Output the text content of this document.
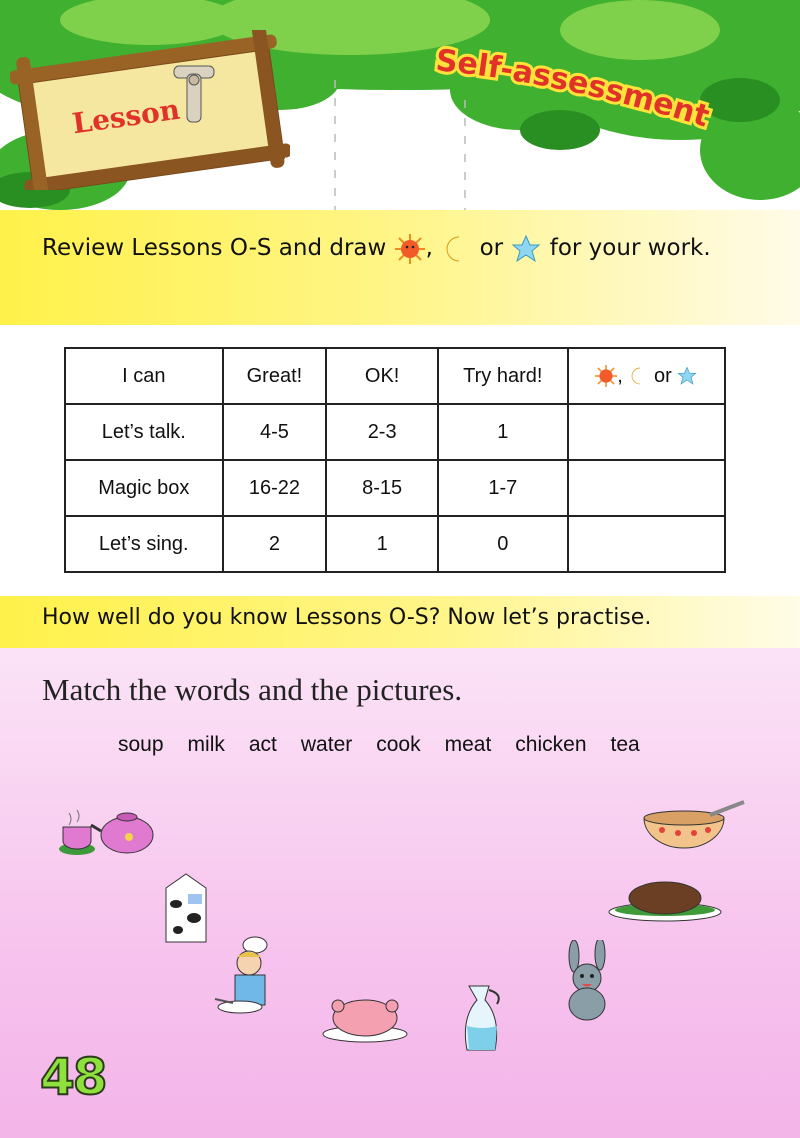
Lesson
Self-assessment
Review Lessons O-S and draw , or for your work.
I can	Great!	OK!	Try hard!	,  or
Let’s talk.	4-5	2-3	1	
Magic box	16-22	8-15	1-7	
Let’s sing.	2	1	0	
How well do you know Lessons O-S? Now let’s practise.
Match the words and the pictures.
soup milk act water cook meat chicken tea
48
